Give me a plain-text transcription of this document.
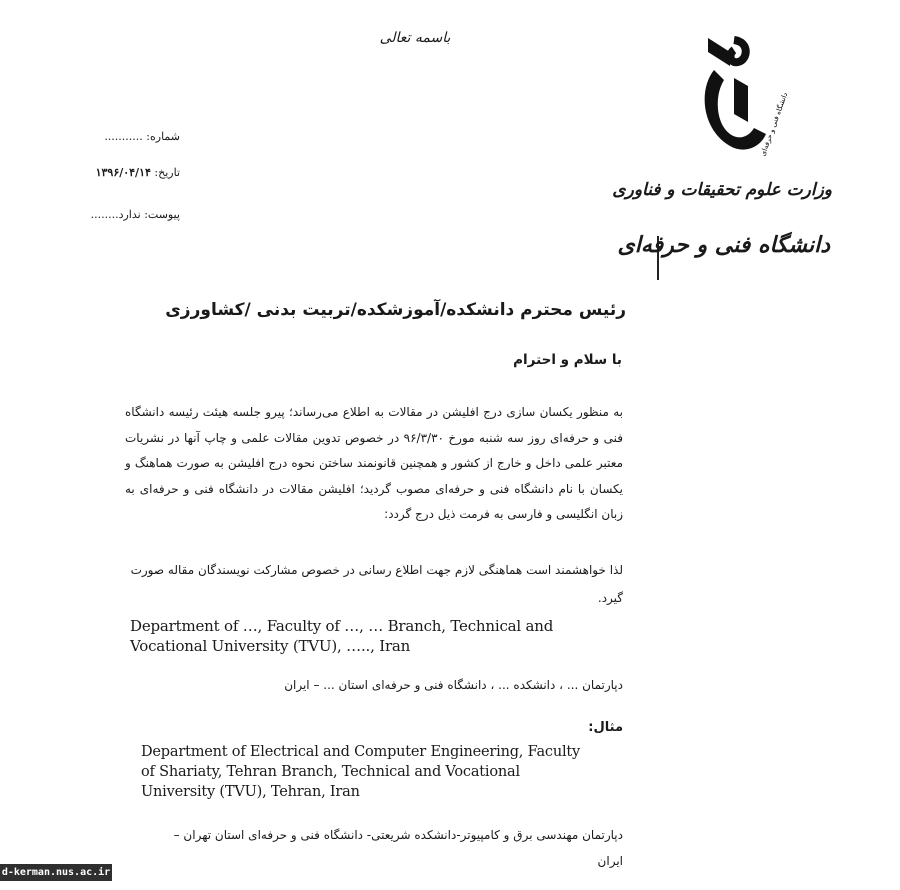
باسمه تعالی
شماره: ...........
تاریخ: ۱۳۹۶/۰۴/۱۴
پیوست: ندارد........
دانشگاه فنی و حرفه‌ای
وزارت علوم تحقیقات و فناوری
دانشگاه فنی و حرفه‌ای
رئیس محترم دانشکده/آموزشکده/تربیت بدنی /کشاورزی
با سلام و احترام
به منظور یکسان سازی درج افلیشن در مقالات به اطلاع می‌رساند؛ پیرو جلسه هیئت رئیسه دانشگاه فنی و حرفه‌ای روز سه شنبه مورخ ۹۶/۳/۳۰ در خصوص تدوین مقالات علمی و چاپ آنها در نشریات معتبر علمی داخل و خارج از کشور و همچنین قانونمند ساختن نحوه درج افلیشن به صورت هماهنگ و یکسان با نام دانشگاه فنی و حرفه‌ای مصوب گردید؛ افلیشن مقالات در دانشگاه فنی و حرفه‌ای به زبان انگلیسی و فارسی به فرمت ذیل درج گردد:
لذا خواهشمند است هماهنگی لازم جهت اطلاع رسانی در خصوص مشارکت نویسندگان مقاله صورت گیرد.
Department of …, Faculty of …, … Branch, Technical and Vocational University (TVU), ….., Iran
دپارتمان ... ، دانشکده ... ، دانشگاه فنی و حرفه‌ای استان ... – ایران
مثال:
Department of Electrical and Computer Engineering, Faculty of Shariaty, Tehran Branch, Technical and Vocational University (TVU), Tehran, Iran
دپارتمان مهندسی برق و کامپیوتر-دانشکده شریعتی- دانشگاه فنی و حرفه‌ای استان تهران – ایران
d-kerman.nus.ac.ir
